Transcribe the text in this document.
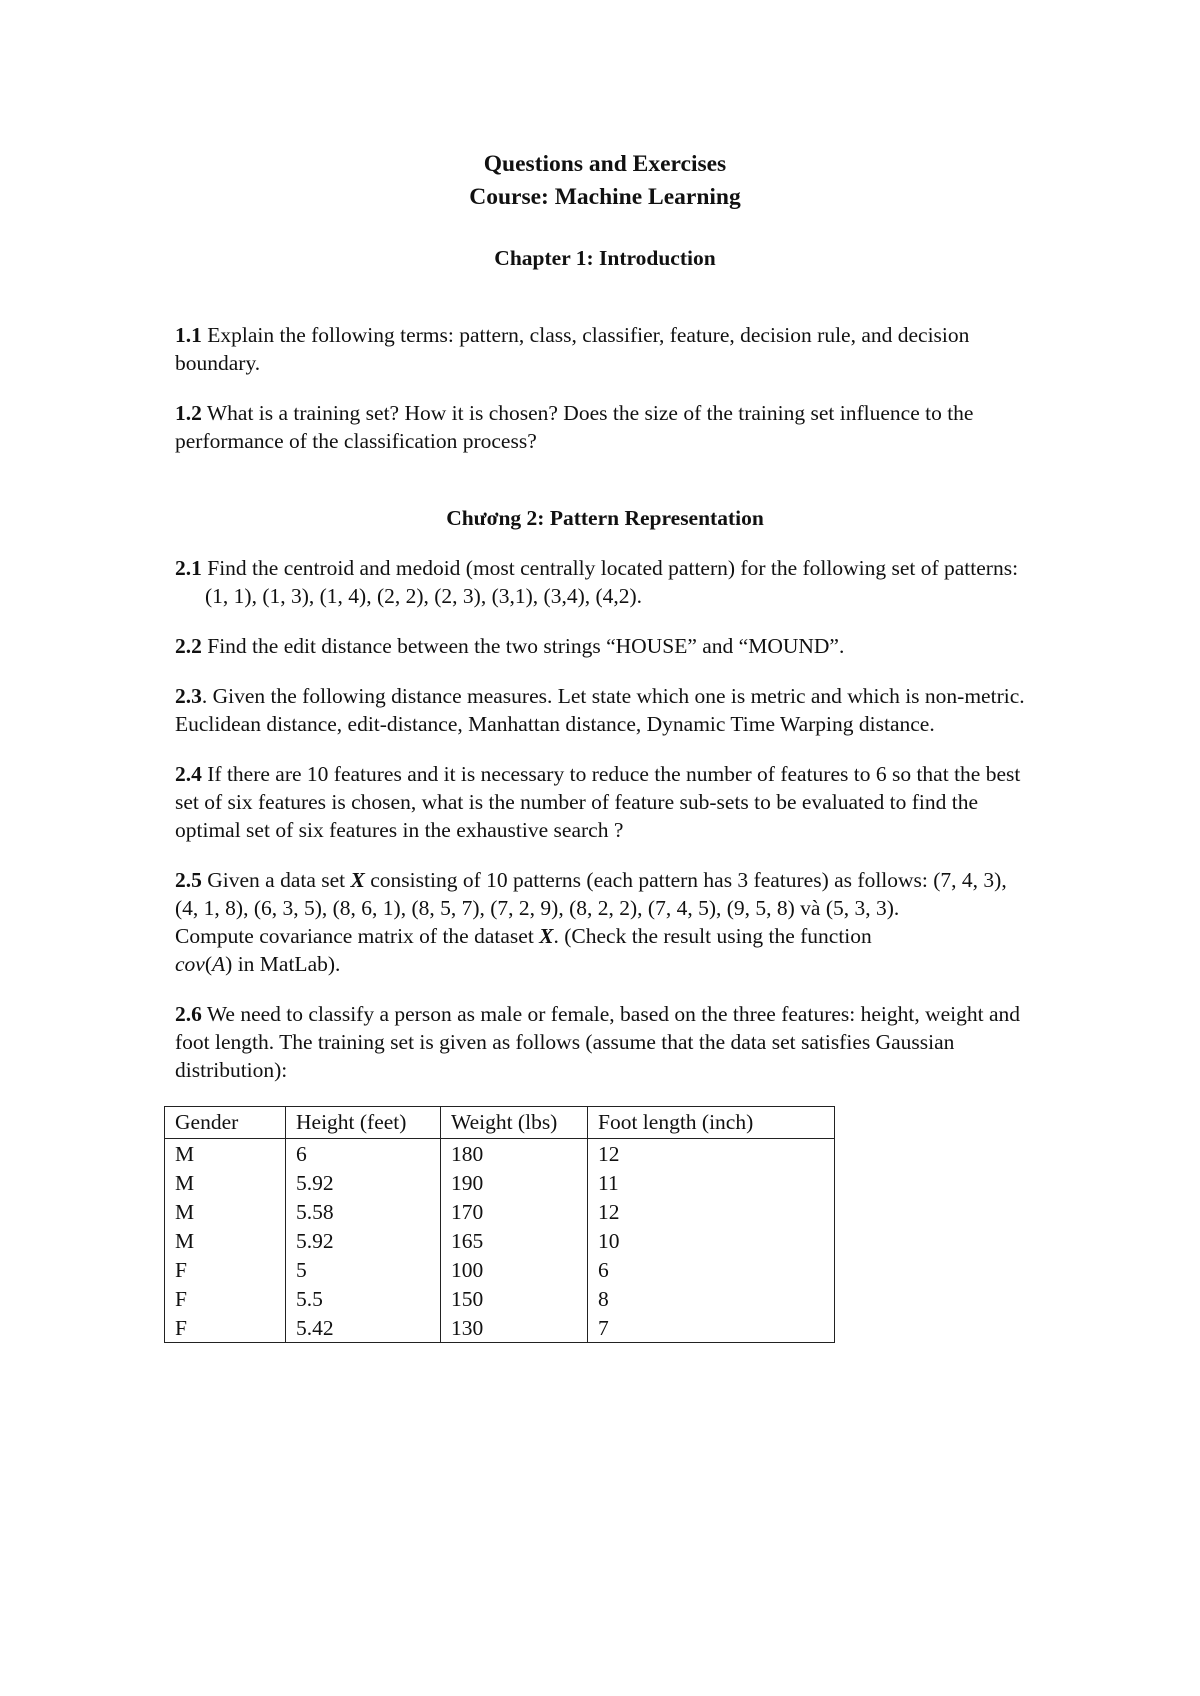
Questions and Exercises
Course: Machine Learning

Chapter 1: Introduction

1.1 Explain the following terms: pattern, class, classifier, feature, decision rule, and decision boundary.

1.2 What is a training set? How it is chosen? Does the size of the training set influence to the performance of the classification process?

Chương 2: Pattern Representation

2.1 Find the centroid and medoid (most centrally located pattern) for the following set of patterns:

(1, 1), (1, 3), (1, 4), (2, 2), (2, 3), (3,1), (3,4), (4,2).

2.2 Find the edit distance between the two strings “HOUSE” and “MOUND”.

2.3. Given the following distance measures. Let state which one is metric and which is non-metric.

Euclidean distance, edit-distance, Manhattan distance, Dynamic Time Warping distance.

2.4 If there are 10 features and it is necessary to reduce the number of features to 6 so that the best set of six features is chosen, what is the number of feature sub-sets to be evaluated to find the optimal set of six features in the exhaustive search ?

2.5 Given a data set X consisting of 10 patterns (each pattern has 3 features) as follows: (7, 4, 3), (4, 1, 8), (6, 3, 5), (8, 6, 1), (8, 5, 7), (7, 2, 9), (8, 2, 2), (7, 4, 5), (9, 5, 8) và (5, 3, 3).

Compute covariance matrix of the dataset X. (Check the result using the function
cov(A) in MatLab).

2.6 We need to classify a person as male or female, based on the three features: height, weight and foot length. The training set is given as follows (assume that the data set satisfies Gaussian distribution):

Gender	Height (feet)	Weight (lbs)	Foot length (inch)
M	6	180	12
M	5.92	190	11
M	5.58	170	12
M	5.92	165	10
F	5	100	6
F	5.5	150	8
F	5.42	130	7
